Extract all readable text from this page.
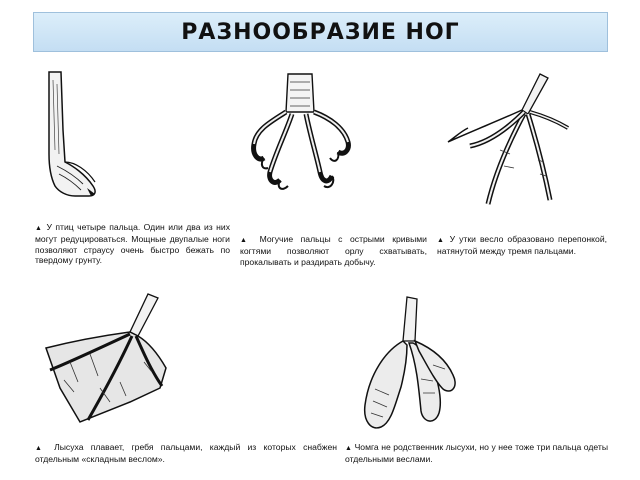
РАЗНООБРАЗИЕ НОГ
▲ У птиц четыре пальца. Один или два из них могут редуцироваться. Мощные двупалые ноги позволяют страусу очень быстро бежать по твердому грунту.
▲ Могучие пальцы с острыми кривыми когтями позволяют орлу схватывать, прокалывать и раздирать добычу.
▲ У утки весло образовано перепонкой, натянутой между тремя пальцами.
▲ Лысуха плавает, гребя пальцами, каждый из которых снабжен отдельным «складным веслом».
▲ Чомга не родственник лысухи, но у нее тоже три пальца одеты отдельными веслами.
